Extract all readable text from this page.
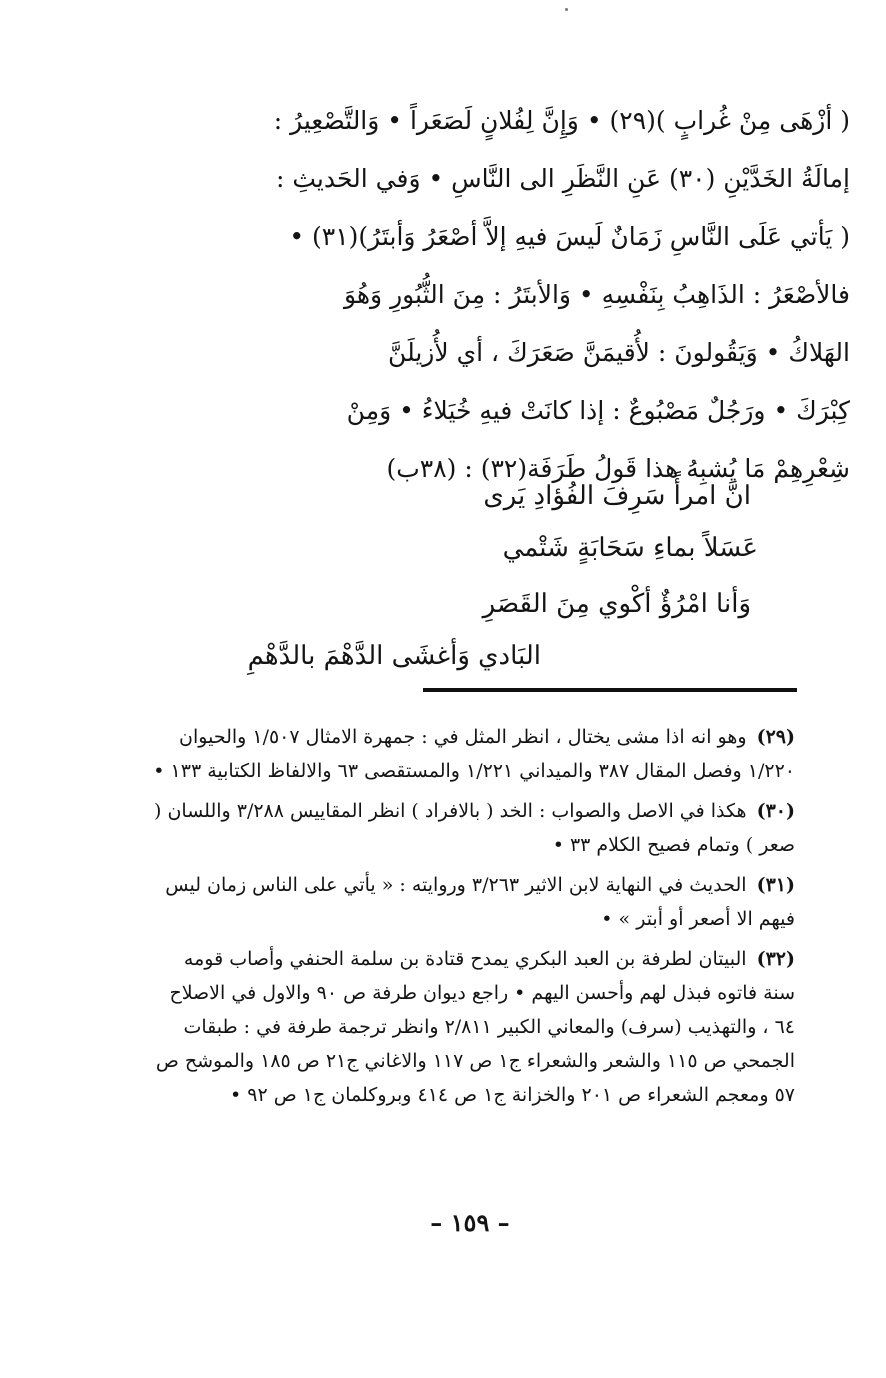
( أزْهَى مِنْ غُرابٍ )(٢٩) • وَإِنَّ لِفُلانٍ لَصَعَراً • وَالتَّصْعِيرُ :
إمالَةُ الخَدَّيْنِ (٣٠) عَنِ النَّظَرِ الى النَّاسِ • وَفي الحَديثِ :
( يَأتي عَلَى النَّاسِ زَمَانٌ لَيسَ فيهِ إلاَّ أصْعَرُ وَأبتَرُ)(٣١) •
فالأصْعَرُ : الذَاهِبُ بِنَفْسِهِ • وَالأبتَرُ : مِنَ الثُّبُورِ وَهُوَ
الهَلاكُ • وَيَقُولونَ : لأُقيمَنَّ صَعَرَكَ ، أي لأُزيلَنَّ
كِبْرَكَ • ورَجُلٌ مَصْبُوعٌ : إذا كانَتْ فيهِ خُيَلاءُ • وَمِنْ
شِعْرِهِمْ مَا يُشبِهُ هذا قَولُ طَرَفَة(٣٢) : (٣٨ب)
انَّ امرأً سَرِفَ الفُؤادِ يَرى
عَسَلاً بماءِ سَحَابَةٍ شَتْمي
وَأنا امْرُؤٌ أكْوي مِنَ القَصَرِ
البَادي وَأغشَى الدَّهْمَ بالدَّهْمِ
(٢٩) وهو انه اذا مشى يختال ، انظر المثل في : جمهرة الامثال ١/٥٠٧ والحيوان ١/٢٢٠ وفصل المقال ٣٨٧ والميداني ١/٢٢١ والمستقصى ٦٣ والالفاظ الكتابية ١٣٣ •
(٣٠) هكذا في الاصل والصواب : الخد ( بالافراد ) انظر المقاييس ٣/٢٨٨ واللسان ( صعر ) وتمام فصيح الكلام ٣٣ •
(٣١) الحديث في النهاية لابن الاثير ٣/٢٦٣ وروايته : « يأتي على الناس زمان ليس فيهم الا أصعر أو أبتر » •
(٣٢) البيتان لطرفة بن العبد البكري يمدح قتادة بن سلمة الحنفي وأصاب قومه سنة فاتوه فبذل لهم وأحسن اليهم • راجع ديوان طرفة ص ٩٠ والاول في الاصلاح ٦٤ ، والتهذيب (سرف) والمعاني الكبير ٢/٨١١ وانظر ترجمة طرفة في : طبقات الجمحي ص ١١٥ والشعر والشعراء ج١ ص ١١٧ والاغاني ج٢١ ص ١٨٥ والموشح ص ٥٧ ومعجم الشعراء ص ٢٠١ والخزانة ج١ ص ٤١٤ وبروكلمان ج١ ص ٩٢ •
– ١٥٩ –
